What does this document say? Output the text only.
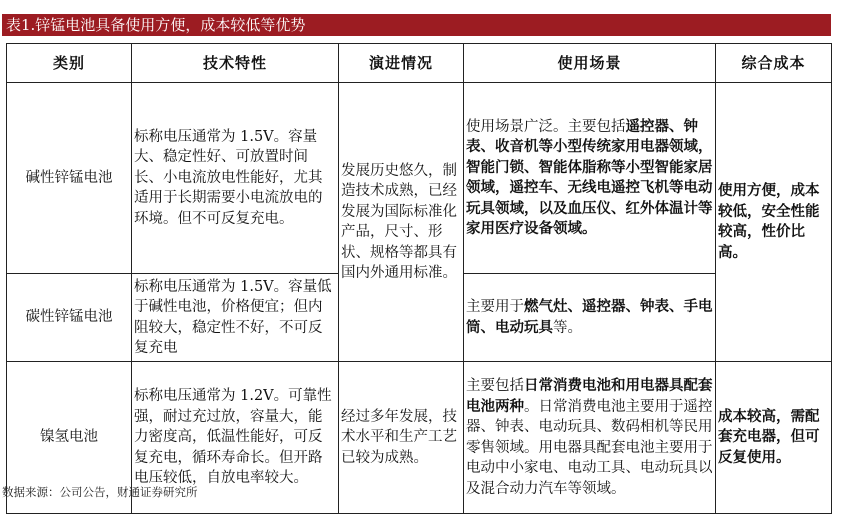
表1.锌锰电池具备使用方便，成本较低等优势
类别	技术特性	演进情况	使用场景	综合成本
碱性锌锰电池	标称电压通常为 1.5V。容量大、稳定性好、可放置时间长、小电流放电性能好，尤其适用于长期需要小电流放电的环境。但不可反复充电。	发展历史悠久，制造技术成熟，已经发展为国际标准化产品，尺寸、形状、规格等都具有国内外通用标准。	使用场景广泛。主要包括遥控器、钟表、收音机等小型传统家用电器领域，智能门锁、智能体脂称等小型智能家居领域，遥控车、无线电遥控飞机等电动玩具领域，以及血压仪、红外体温计等家用医疗设备领域。	使用方便，成本较低，安全性能较高，性价比高。
碳性锌锰电池	标称电压通常为 1.5V。容量低于碱性电池，价格便宜；但内阻较大，稳定性不好，不可反复充电		主要用于燃气灶、遥控器、钟表、手电筒、电动玩具等。	
镍氢电池	标称电压通常为 1.2V。可靠性强，耐过充过放，容量大，能力密度高，低温性能好，可反复充电，循环寿命长。但开路电压较低，自放电率较大。	经过多年发展，技术水平和生产工艺已较为成熟。	主要包括日常消费电池和用电器具配套电池两种。日常消费电池主要用于遥控器、钟表、电动玩具、数码相机等民用零售领域。用电器具配套电池主要用于电动中小家电、电动工具、电动玩具以及混合动力汽车等领域。	成本较高，需配套充电器，但可反复使用。
数据来源：公司公告，财通证券研究所
